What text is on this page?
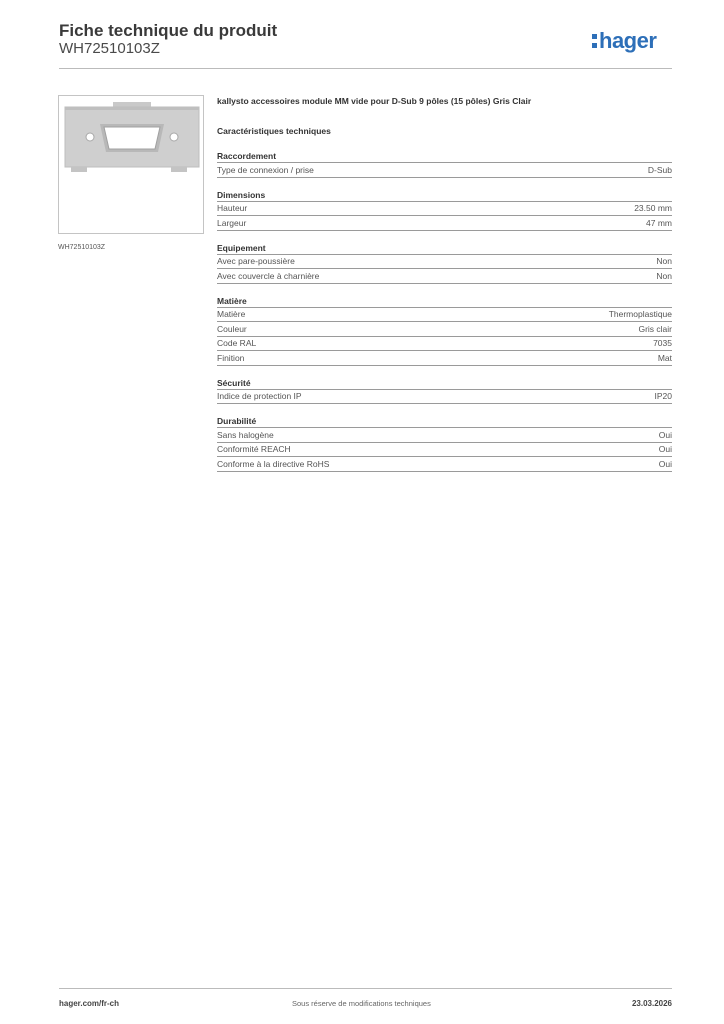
Fiche technique du produit
WH72510103Z	hager
WH72510103Z
kallysto accessoires module MM vide pour D-Sub 9 pôles (15 pôles) Gris Clair
Caractéristiques techniques
Raccordement
Type de connexion / prise	D-Sub
Dimensions
Hauteur	23.50 mm
Largeur	47 mm
Equipement
Avec pare-poussière	Non
Avec couvercle à charnière	Non
Matière
Matière	Thermoplastique
Couleur	Gris clair
Code RAL	7035
Finition	Mat
Sécurité
Indice de protection IP	IP20
Durabilité
Sans halogène	Oui
Conformité REACH	Oui
Conforme à la directive RoHS	Oui
hager.com/fr-ch	Sous réserve de modifications techniques	23.03.2026
